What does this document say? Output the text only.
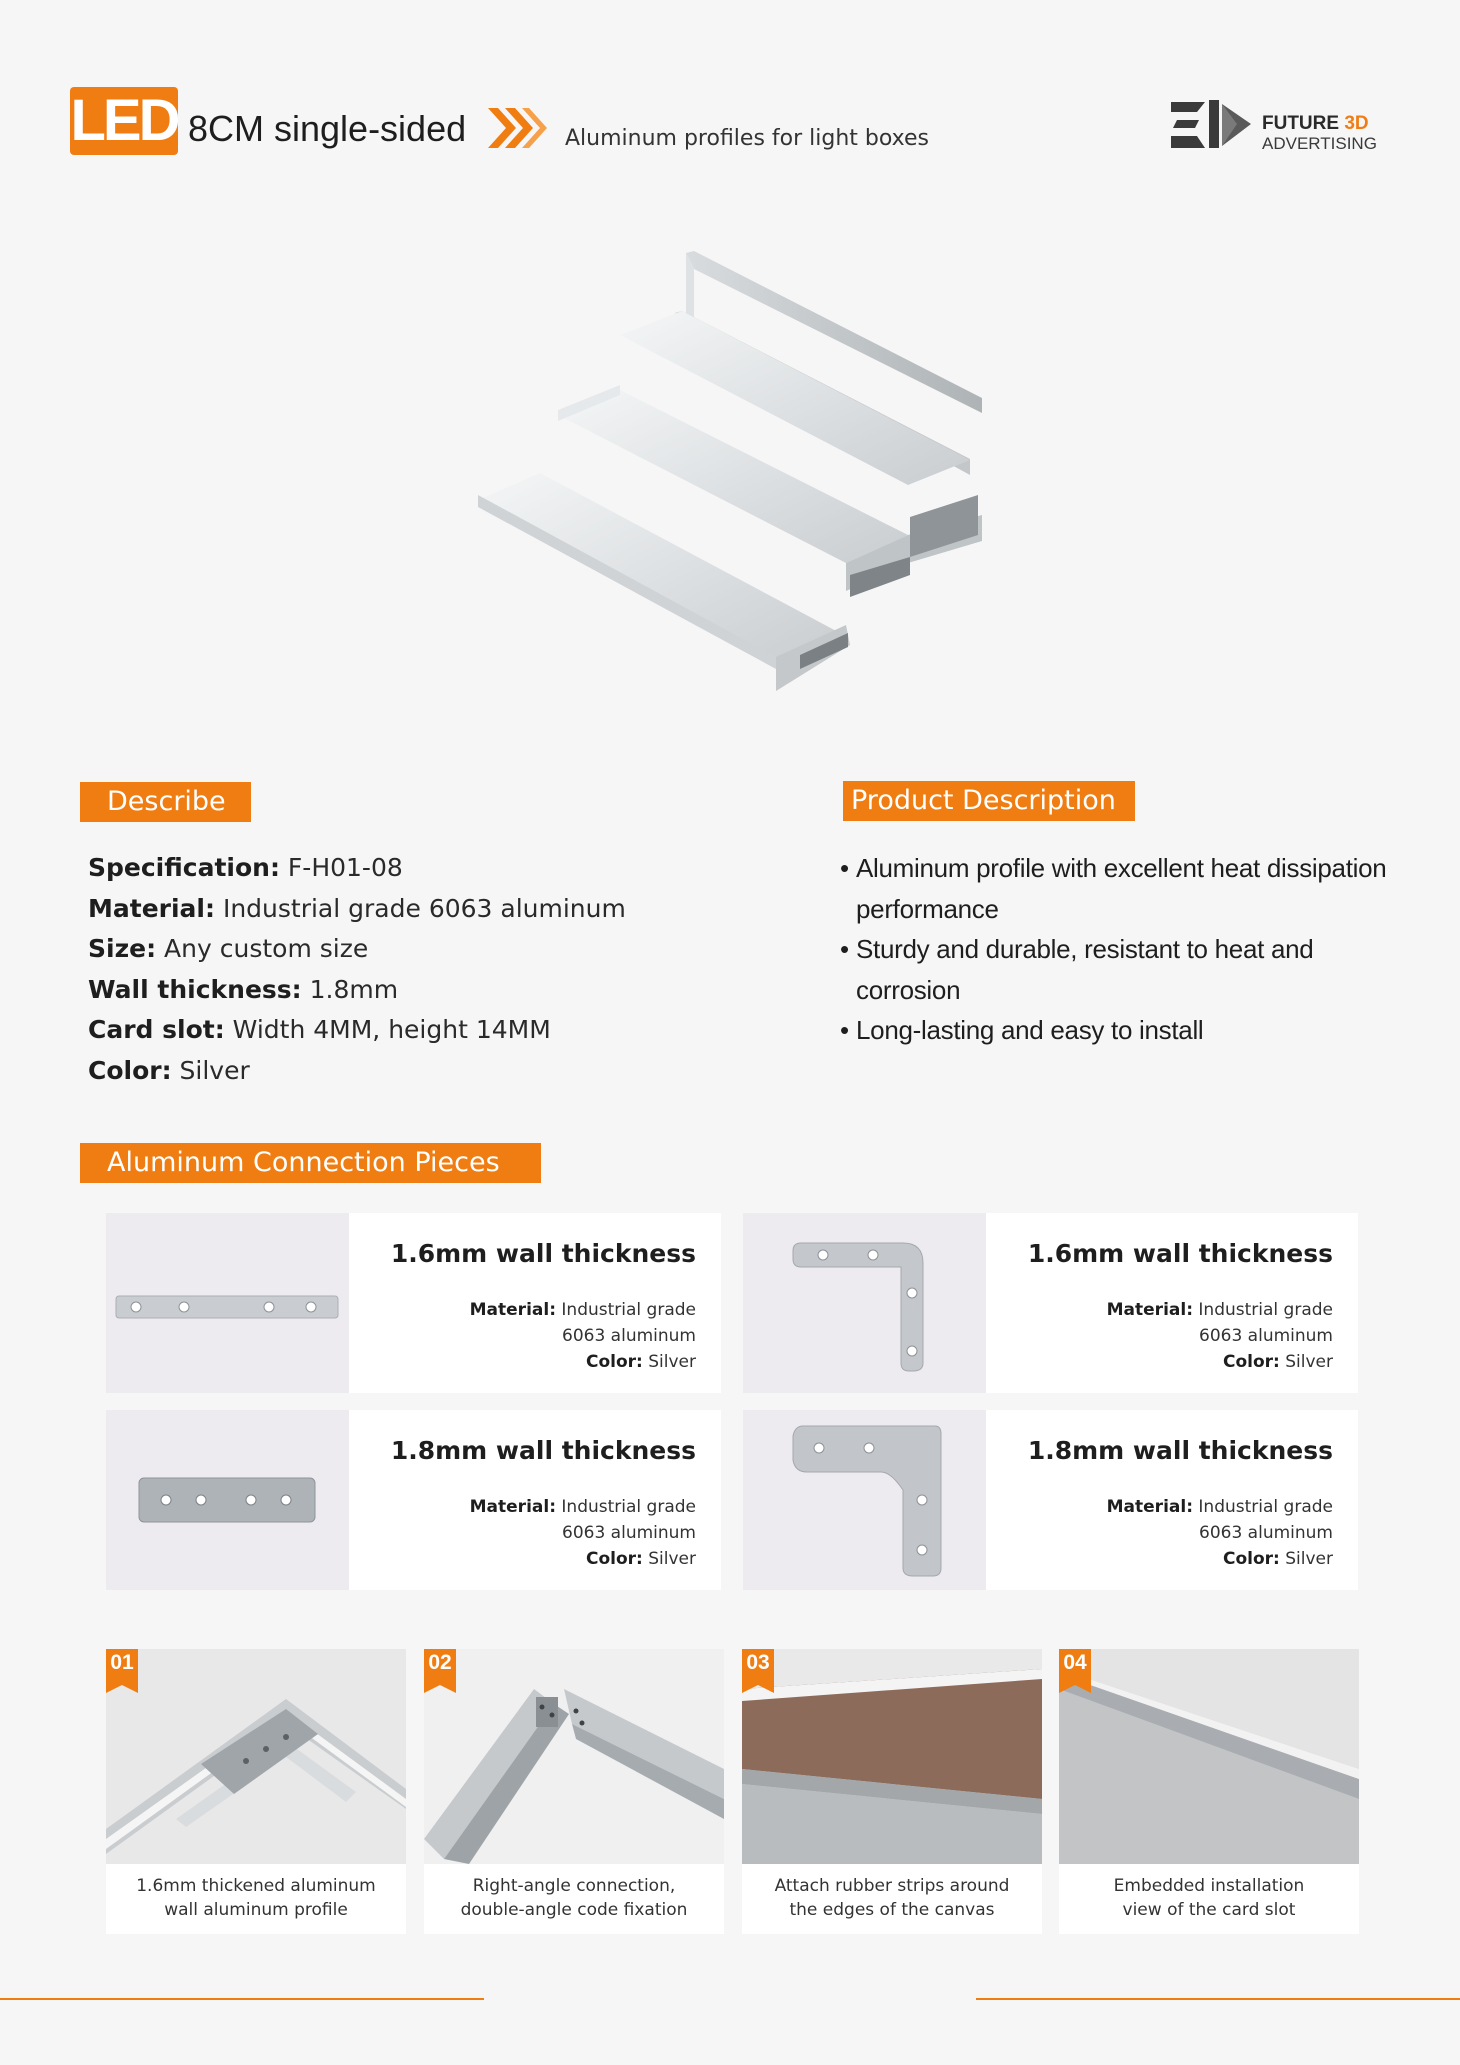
LED 8CM single-sided	Aluminum profiles for light boxes
FUTURE 3D
ADVERTISING
Describe
Specification: F-H01-08
Material: Industrial grade 6063 aluminum
Size: Any custom size
Wall thickness: 1.8mm
Card slot: Width 4MM, height 14MM
Color: Silver
Product Description
• Aluminum profile with excellent heat dissipation performance
• Sturdy and durable, resistant to heat and corrosion
• Long-lasting and easy to install
Aluminum Connection Pieces
1.6mm wall thickness
Material: Industrial grade
6063 aluminum
Color: Silver
1.6mm wall thickness
Material: Industrial grade
6063 aluminum
Color: Silver
1.8mm wall thickness
Material: Industrial grade
6063 aluminum
Color: Silver
1.8mm wall thickness
Material: Industrial grade
6063 aluminum
Color: Silver
01
1.6mm thickened aluminum
wall aluminum profile
02
Right-angle connection,
double-angle code fixation
03
Attach rubber strips around
the edges of the canvas
04
Embedded installation
view of the card slot
